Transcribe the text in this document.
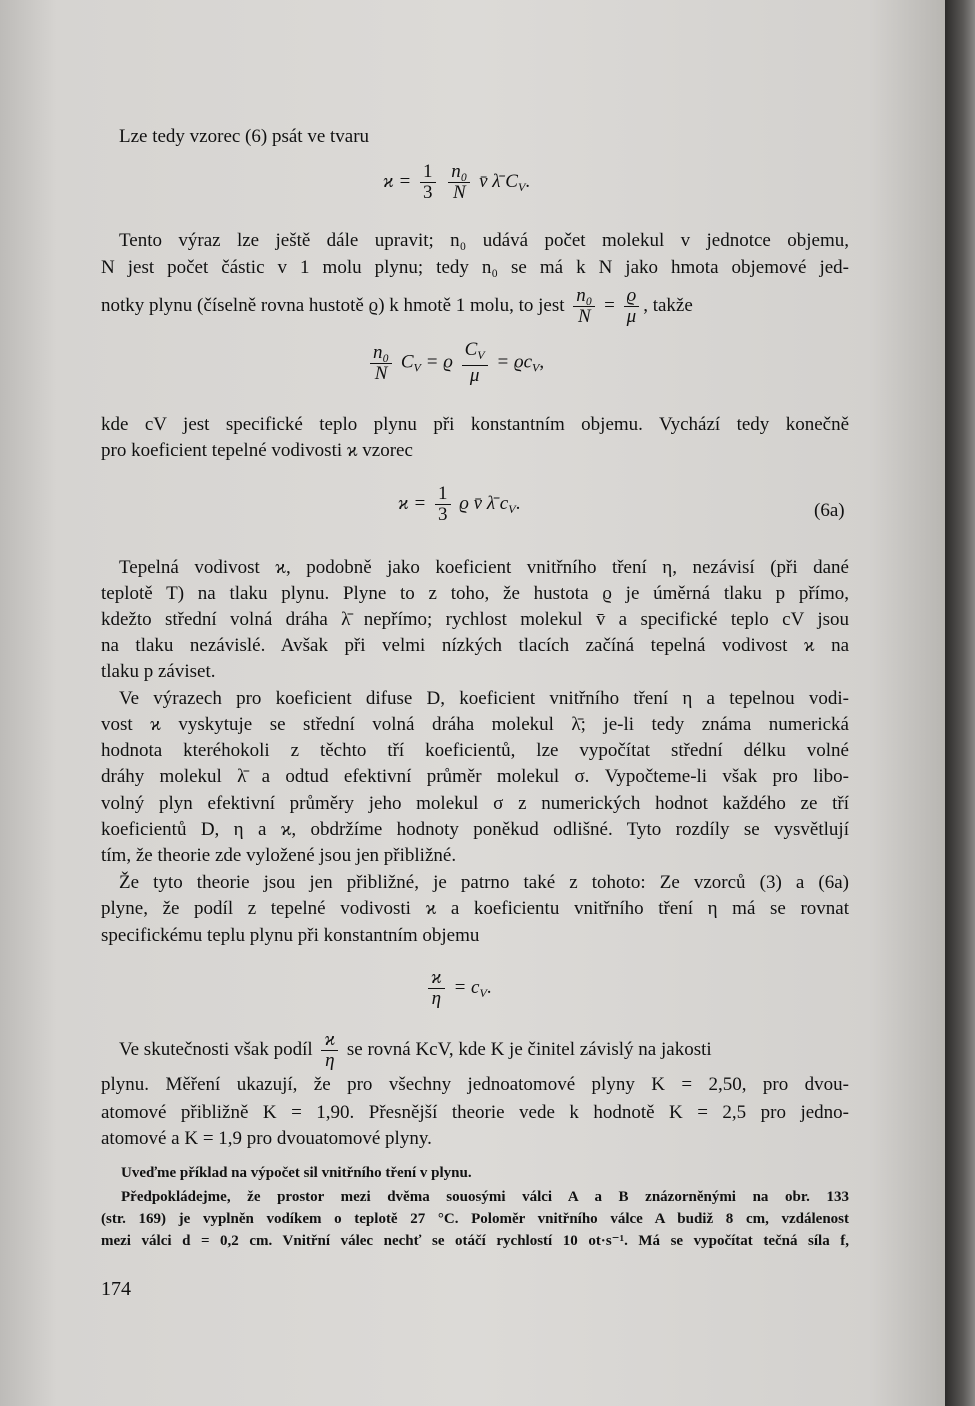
Lze tedy vzorec (6) psát ve tvaru
$ϰ = \frac{1}{3}$
$\frac{\text{n₀}}{N}$ v̄ λ̄ $C_V$.
Tento výraz lze ještě dále upravit; n₀ udává počet molekul v jednotce objemu,
N jest počet částic v 1 molu plynu; tedy n₀ se má k N jako hmota objemové jed-
notky plynu (číselně rovna hustotě ϱ) k hmotě 1 molu, to jest $\frac{\text{n₀}}{N} = \frac{ϱ}{\mu}$ , takže
$\frac{\text{n₀}}{N} C_V = ϱ \frac{C_V}{\mu} = ϱc_V$,
kde cV jest specifické teplo plynu při konstantním objemu. Vychází tedy konečně
pro koeficient tepelné vodivosti ϰ vzorec
$ϰ = \frac{1}{3}$ ϱ v̄ λ̄ $c_V$.	(6a)
Tepelná vodivost ϰ, podobně jako koeficient vnitřního tření η, nezávisí (při dané
teplotě T) na tlaku plynu. Plyne to z toho, že hustota ϱ je úměrná tlaku p přímo,
kdežto střední volná dráha λ̄ nepřímo; rychlost molekul v̄ a specifické teplo cV jsou
na tlaku nezávislé. Avšak při velmi nízkých tlacích začíná tepelná vodivost ϰ na
tlaku p záviset.
Ve výrazech pro koeficient difuse D, koeficient vnitřního tření η a tepelnou vodi-
vost ϰ vyskytuje se střední volná dráha molekul λ̄; je-li tedy známa numerická
hodnota kteréhokoli z těchto tří koeficientů, lze vypočítat střední délku volné
dráhy molekul λ̄ a odtud efektivní průměr molekul σ. Vypočteme-li však pro libo-
volný plyn efektivní průměry jeho molekul σ z numerických hodnot každého ze tří
koeficientů D, η a ϰ, obdržíme hodnoty poněkud odlišné. Tyto rozdíly se vysvětlují
tím, že theorie zde vyložené jsou jen přibližné.
Že tyto theorie jsou jen přibližné, je patrno také z tohoto: Ze vzorců (3) a (6a)
plyne, že podíl z tepelné vodivosti ϰ a koeficientu vnitřního tření η má se rovnat
specifickému teplu plynu při konstantním objemu
$\frac{ϰ}{\eta} = c_V$.
Ve skutečnosti však podíl $\frac{ϰ}{\eta}$ se rovná KcV, kde K je činitel závislý na jakosti
plynu. Měření ukazují, že pro všechny jednoatomové plyny K = 2,50, pro dvou-
atomové přibližně K = 1,90. Přesnější theorie vede k hodnotě K = 2,5 pro jedno-
atomové a K = 1,9 pro dvouatomové plyny.
Uveďme příklad na výpočet sil vnitřního tření v plynu.
Předpokládejme, že prostor mezi dvěma souosými válci A a B znázorněnými na obr. 133
(str. 169) je vyplněn vodíkem o teplotě 27 °C. Poloměr vnitřního válce A budiž 8 cm, vzdálenost
mezi válci d = 0,2 cm. Vnitřní válec nechť se otáčí rychlostí 10 ot·s⁻¹. Má se vypočítat tečná síla f,
174
